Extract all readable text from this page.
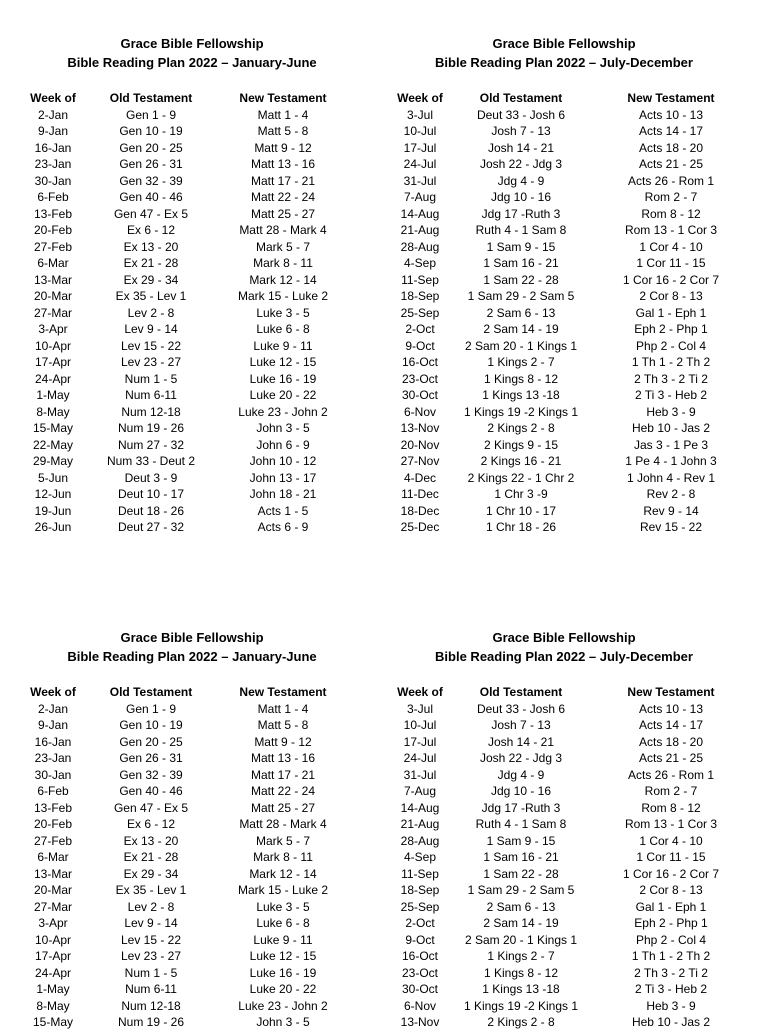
Grace Bible Fellowship
Bible Reading Plan 2022 – January-June
Week of	Old Testament	New Testament
2-Jan	Gen 1 - 9	Matt 1 - 4
9-Jan	Gen 10 - 19	Matt 5 - 8
16-Jan	Gen 20 - 25	Matt 9 - 12
23-Jan	Gen 26 - 31	Matt 13 - 16
30-Jan	Gen 32 - 39	Matt 17 - 21
6-Feb	Gen 40 - 46	Matt 22 - 24
13-Feb	Gen 47 - Ex 5	Matt 25 - 27
20-Feb	Ex 6 - 12	Matt 28 - Mark 4
27-Feb	Ex 13 - 20	Mark 5 - 7
6-Mar	Ex 21 - 28	Mark 8 - 11
13-Mar	Ex 29 - 34	Mark 12 - 14
20-Mar	Ex 35 - Lev 1	Mark 15 - Luke 2
27-Mar	Lev 2 - 8	Luke 3 - 5
3-Apr	Lev 9 - 14	Luke 6 - 8
10-Apr	Lev 15 - 22	Luke 9 - 11
17-Apr	Lev 23 - 27	Luke 12 - 15
24-Apr	Num 1 - 5	Luke 16 - 19
1-May	Num 6-11	Luke 20 - 22
8-May	Num 12-18	Luke 23 - John 2
15-May	Num 19 - 26	John 3 - 5
22-May	Num 27 - 32	John 6 - 9
29-May	Num 33 - Deut 2	John 10 - 12
5-Jun	Deut 3 - 9	John 13 - 17
12-Jun	Deut 10 - 17	John 18 - 21
19-Jun	Deut 18 - 26	Acts 1 - 5
26-Jun	Deut 27 - 32	Acts 6 - 9
Grace Bible Fellowship
Bible Reading Plan 2022 – July-December
Week of	Old Testament	New Testament
3-Jul	Deut 33 - Josh 6	Acts 10 - 13
10-Jul	Josh 7 - 13	Acts 14 - 17
17-Jul	Josh 14 - 21	Acts 18 - 20
24-Jul	Josh 22 - Jdg 3	Acts 21 - 25
31-Jul	Jdg 4 - 9	Acts 26 - Rom 1
7-Aug	Jdg 10 - 16	Rom 2 - 7
14-Aug	Jdg 17 -Ruth 3	Rom 8 - 12
21-Aug	Ruth 4 - 1 Sam 8	Rom 13 - 1 Cor 3
28-Aug	1 Sam 9 - 15	1 Cor 4 - 10
4-Sep	1 Sam 16 - 21	1 Cor 11 - 15
11-Sep	1 Sam 22 - 28	1 Cor 16 - 2 Cor 7
18-Sep	1 Sam 29 - 2 Sam 5	2 Cor 8 - 13
25-Sep	2 Sam 6 - 13	Gal 1 - Eph 1
2-Oct	2 Sam 14 - 19	Eph 2 - Php 1
9-Oct	2 Sam 20 - 1 Kings 1	Php 2 - Col 4
16-Oct	1 Kings 2 - 7	1 Th 1 - 2 Th 2
23-Oct	1 Kings 8 - 12	2 Th 3 - 2 Ti 2
30-Oct	1 Kings 13 -18	2 Ti 3 - Heb 2
6-Nov	1 Kings 19 -2 Kings 1	Heb 3 - 9
13-Nov	2 Kings 2 - 8	Heb 10 - Jas 2
20-Nov	2 Kings 9 - 15	Jas 3 - 1 Pe 3
27-Nov	2 Kings 16 - 21	1 Pe 4 - 1 John 3
4-Dec	2 Kings 22 - 1 Chr 2	1 John 4 - Rev 1
11-Dec	1 Chr 3 -9	Rev 2 - 8
18-Dec	1 Chr 10 - 17	Rev 9 - 14
25-Dec	1 Chr 18 - 26	Rev 15 - 22
Grace Bible Fellowship
Bible Reading Plan 2022 – January-June
Week of	Old Testament	New Testament
2-Jan	Gen 1 - 9	Matt 1 - 4
9-Jan	Gen 10 - 19	Matt 5 - 8
16-Jan	Gen 20 - 25	Matt 9 - 12
23-Jan	Gen 26 - 31	Matt 13 - 16
30-Jan	Gen 32 - 39	Matt 17 - 21
6-Feb	Gen 40 - 46	Matt 22 - 24
13-Feb	Gen 47 - Ex 5	Matt 25 - 27
20-Feb	Ex 6 - 12	Matt 28 - Mark 4
27-Feb	Ex 13 - 20	Mark 5 - 7
6-Mar	Ex 21 - 28	Mark 8 - 11
13-Mar	Ex 29 - 34	Mark 12 - 14
20-Mar	Ex 35 - Lev 1	Mark 15 - Luke 2
27-Mar	Lev 2 - 8	Luke 3 - 5
3-Apr	Lev 9 - 14	Luke 6 - 8
10-Apr	Lev 15 - 22	Luke 9 - 11
17-Apr	Lev 23 - 27	Luke 12 - 15
24-Apr	Num 1 - 5	Luke 16 - 19
1-May	Num 6-11	Luke 20 - 22
8-May	Num 12-18	Luke 23 - John 2
15-May	Num 19 - 26	John 3 - 5
Grace Bible Fellowship
Bible Reading Plan 2022 – July-December
Week of	Old Testament	New Testament
3-Jul	Deut 33 - Josh 6	Acts 10 - 13
10-Jul	Josh 7 - 13	Acts 14 - 17
17-Jul	Josh 14 - 21	Acts 18 - 20
24-Jul	Josh 22 - Jdg 3	Acts 21 - 25
31-Jul	Jdg 4 - 9	Acts 26 - Rom 1
7-Aug	Jdg 10 - 16	Rom 2 - 7
14-Aug	Jdg 17 -Ruth 3	Rom 8 - 12
21-Aug	Ruth 4 - 1 Sam 8	Rom 13 - 1 Cor 3
28-Aug	1 Sam 9 - 15	1 Cor 4 - 10
4-Sep	1 Sam 16 - 21	1 Cor 11 - 15
11-Sep	1 Sam 22 - 28	1 Cor 16 - 2 Cor 7
18-Sep	1 Sam 29 - 2 Sam 5	2 Cor 8 - 13
25-Sep	2 Sam 6 - 13	Gal 1 - Eph 1
2-Oct	2 Sam 14 - 19	Eph 2 - Php 1
9-Oct	2 Sam 20 - 1 Kings 1	Php 2 - Col 4
16-Oct	1 Kings 2 - 7	1 Th 1 - 2 Th 2
23-Oct	1 Kings 8 - 12	2 Th 3 - 2 Ti 2
30-Oct	1 Kings 13 -18	2 Ti 3 - Heb 2
6-Nov	1 Kings 19 -2 Kings 1	Heb 3 - 9
13-Nov	2 Kings 2 - 8	Heb 10 - Jas 2
